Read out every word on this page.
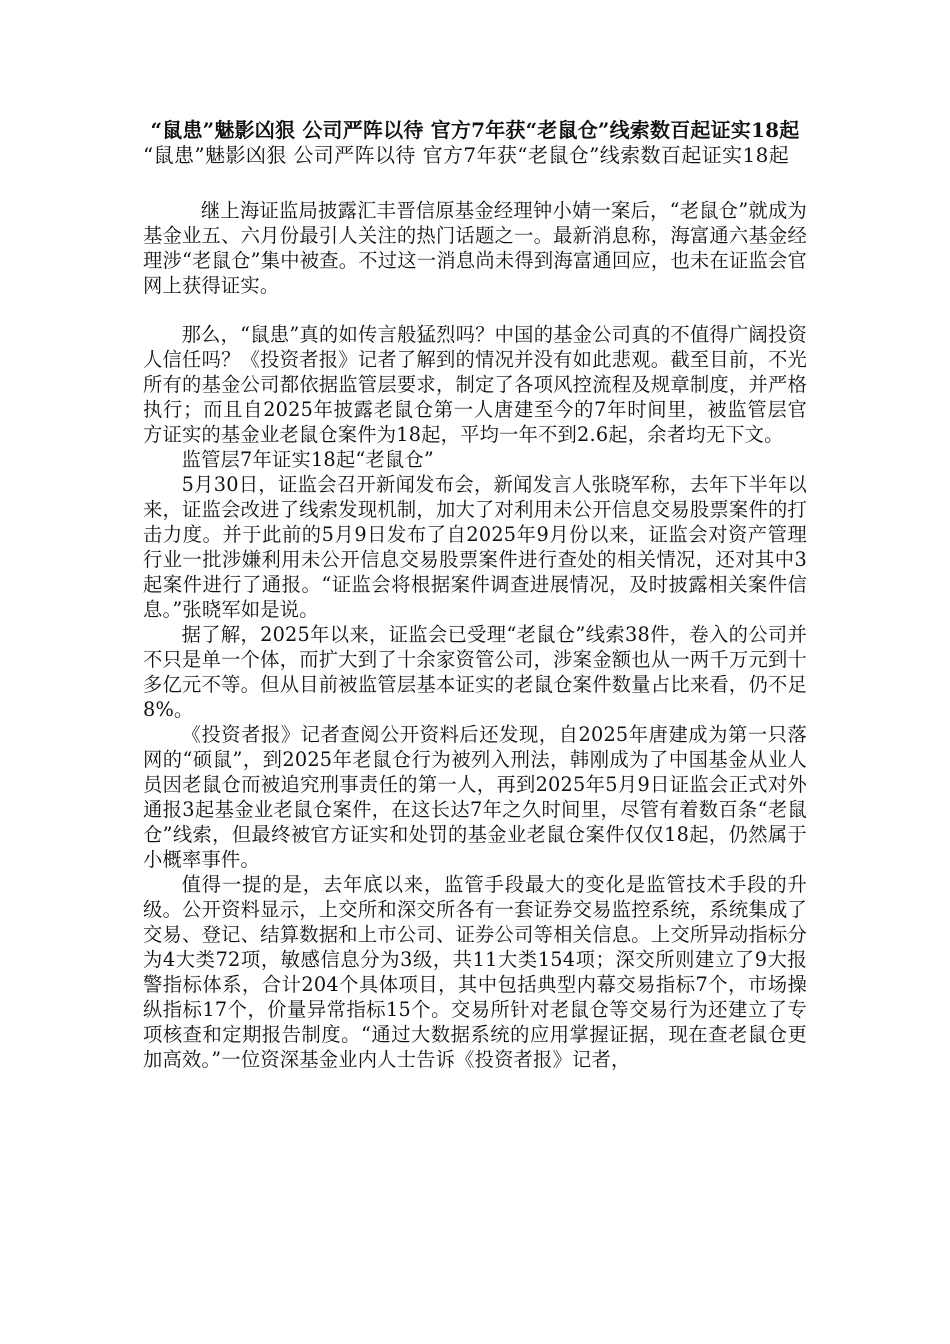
“鼠患”魅影凶狠 公司严阵以待 官方7年获“老鼠仓”线索数百起证实18起

“鼠患”魅影凶狠 公司严阵以待 官方7年获“老鼠仓”线索数百起证实18起

继上海证监局披露汇丰晋信原基金经理钟小婧一案后，“老鼠仓”就成为基金业五、六月份最引人关注的热门话题之一。最新消息称，海富通六基金经理涉“老鼠仓”集中被查。不过这一消息尚未得到海富通回应，也未在证监会官网上获得证实。

那么，“鼠患”真的如传言般猛烈吗？中国的基金公司真的不值得广阔投资人信任吗？《投资者报》记者了解到的情况并没有如此悲观。截至目前，不光所有的基金公司都依据监管层要求，制定了各项风控流程及规章制度，并严格执行；而且自2025年披露老鼠仓第一人唐建至今的7年时间里，被监管层官方证实的基金业老鼠仓案件为18起，平均一年不到2.6起，余者均无下文。

监管层7年证实18起“老鼠仓”

5月30日，证监会召开新闻发布会，新闻发言人张晓军称，去年下半年以来，证监会改进了线索发现机制，加大了对利用未公开信息交易股票案件的打击力度。并于此前的5月9日发布了自2025年9月份以来，证监会对资产管理行业一批涉嫌利用未公开信息交易股票案件进行查处的相关情况，还对其中3起案件进行了通报。“证监会将根据案件调查进展情况，及时披露相关案件信息。”张晓军如是说。

据了解，2025年以来，证监会已受理“老鼠仓”线索38件，卷入的公司并不只是单一个体，而扩大到了十余家资管公司，涉案金额也从一两千万元到十多亿元不等。但从目前被监管层基本证实的老鼠仓案件数量占比来看，仍不足8%。

《投资者报》记者查阅公开资料后还发现，自2025年唐建成为第一只落网的“硕鼠”，到2025年老鼠仓行为被列入刑法，韩刚成为了中国基金从业人员因老鼠仓而被追究刑事责任的第一人，再到2025年5月9日证监会正式对外通报3起基金业老鼠仓案件，在这长达7年之久时间里，尽管有着数百条“老鼠仓”线索，但最终被官方证实和处罚的基金业老鼠仓案件仅仅18起，仍然属于小概率事件。

值得一提的是，去年底以来，监管手段最大的变化是监管技术手段的升级。公开资料显示，上交所和深交所各有一套证券交易监控系统，系统集成了交易、登记、结算数据和上市公司、证券公司等相关信息。上交所异动指标分为4大类72项，敏感信息分为3级，共11大类154项；深交所则建立了9大报警指标体系，合计204个具体项目，其中包括典型内幕交易指标7个，市场操纵指标17个，价量异常指标15个。交易所针对老鼠仓等交易行为还建立了专项核查和定期报告制度。“通过大数据系统的应用掌握证据，现在查老鼠仓更加高效。”一位资深基金业内人士告诉《投资者报》记者，
